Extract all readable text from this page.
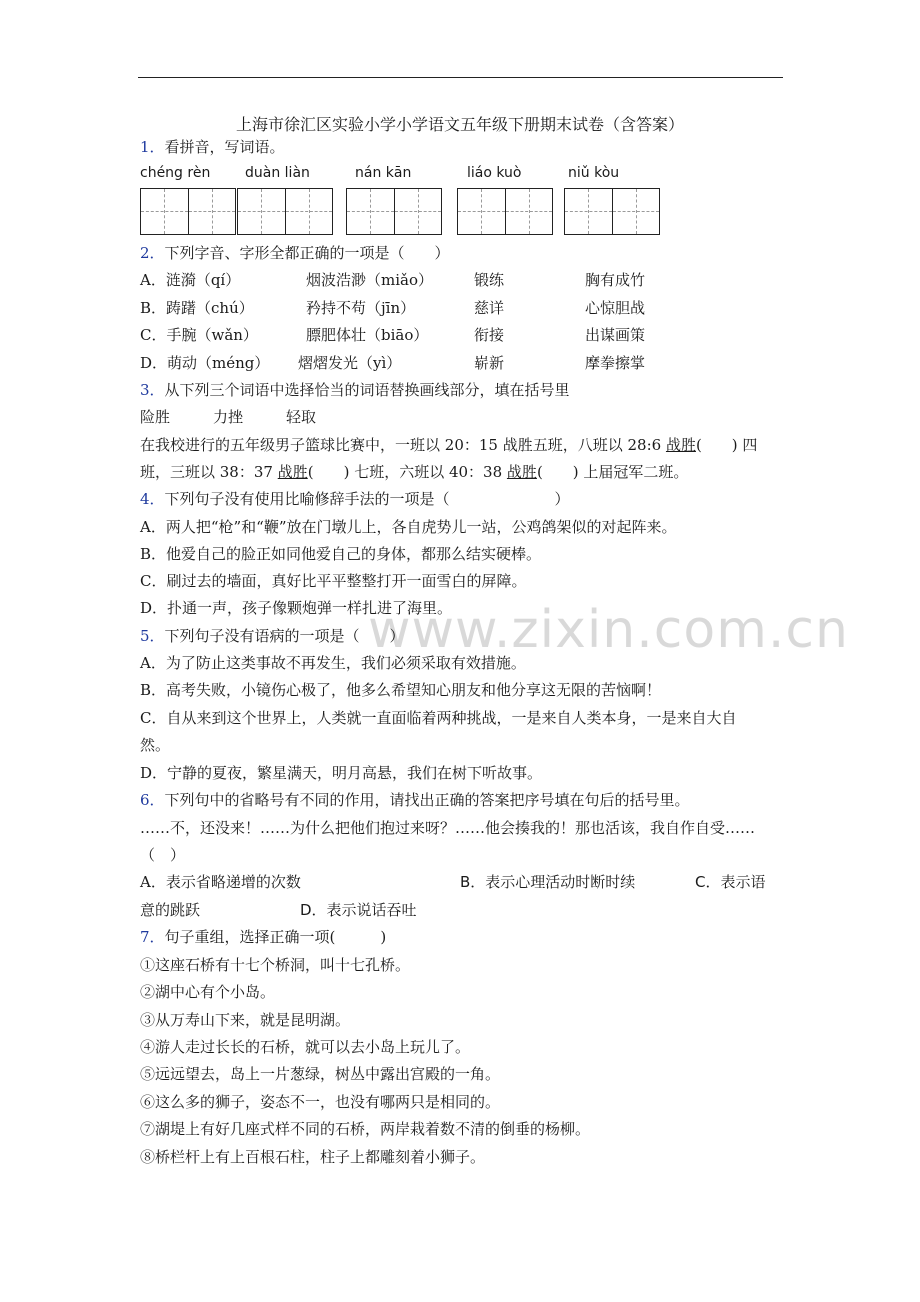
www.zixin.com.cn
上海市徐汇区实验小学小学语文五年级下册期末试卷（含答案）
1．看拼音，写词语。
chéng rèn duàn liàn	nán kān	liáo kuò	niǔ kòu
2．下列字音、字形全都正确的一项是（　　）
A．涟漪（qí）	烟波浩渺（miǎo）	锻练	胸有成竹
B．踌躇（chú）	矜持不苟（jīn）	慈详	心惊胆战
C．手腕（wǎn）	膘肥体壮（biāo）	衔接	出谋画策
D．萌动（méng） 熠熠发光（yì）	崭新	摩拳擦掌
3．从下列三个词语中选择恰当的词语替换画线部分，填在括号里
险胜	力挫	轻取
在我校进行的五年级男子篮球比赛中，一班以 20：15 战胜五班，八班以 28:6 战胜(　　) 四
班，三班以 38：37 战胜(　　) 七班，六班以 40：38 战胜(　　) 上届冠军二班。
4．下列句子没有使用比喻修辞手法的一项是（　　　　　　　）
A．两人把“枪”和“鞭”放在门墩儿上，各自虎势儿一站，公鸡鸽架似的对起阵来。
B．他爱自己的脸正如同他爱自己的身体，都那么结实硬棒。
C．刷过去的墙面，真好比平平整整打开一面雪白的屏障。
D．扑通一声，孩子像颗炮弹一样扎进了海里。
5．下列句子没有语病的一项是（　　）
A．为了防止这类事故不再发生，我们必须采取有效措施。
B．高考失败，小镜伤心极了，他多么希望知心朋友和他分享这无限的苦恼啊！
C．自从来到这个世界上，人类就一直面临着两种挑战，一是来自人类本身，一是来自大自
然。
D．宁静的夏夜，繁星满天，明月高悬，我们在树下听故事。
6．下列句中的省略号有不同的作用，请找出正确的答案把序号填在句后的括号里。
……不，还没来！……为什么把他们抱过来呀？……他会揍我的！那也活该，我自作自受……
（　）
A．表示省略递增的次数	B．表示心理活动时断时续	C．表示语
意的跳跃	D．表示说话吞吐
7．句子重组，选择正确一项(　　　)
①这座石桥有十七个桥洞，叫十七孔桥。
②湖中心有个小岛。
③从万寿山下来，就是昆明湖。
④游人走过长长的石桥，就可以去小岛上玩儿了。
⑤远远望去，岛上一片葱绿，树丛中露出宫殿的一角。
⑥这么多的狮子，姿态不一，也没有哪两只是相同的。
⑦湖堤上有好几座式样不同的石桥，两岸栽着数不清的倒垂的杨柳。
⑧桥栏杆上有上百根石柱，柱子上都雕刻着小狮子。
